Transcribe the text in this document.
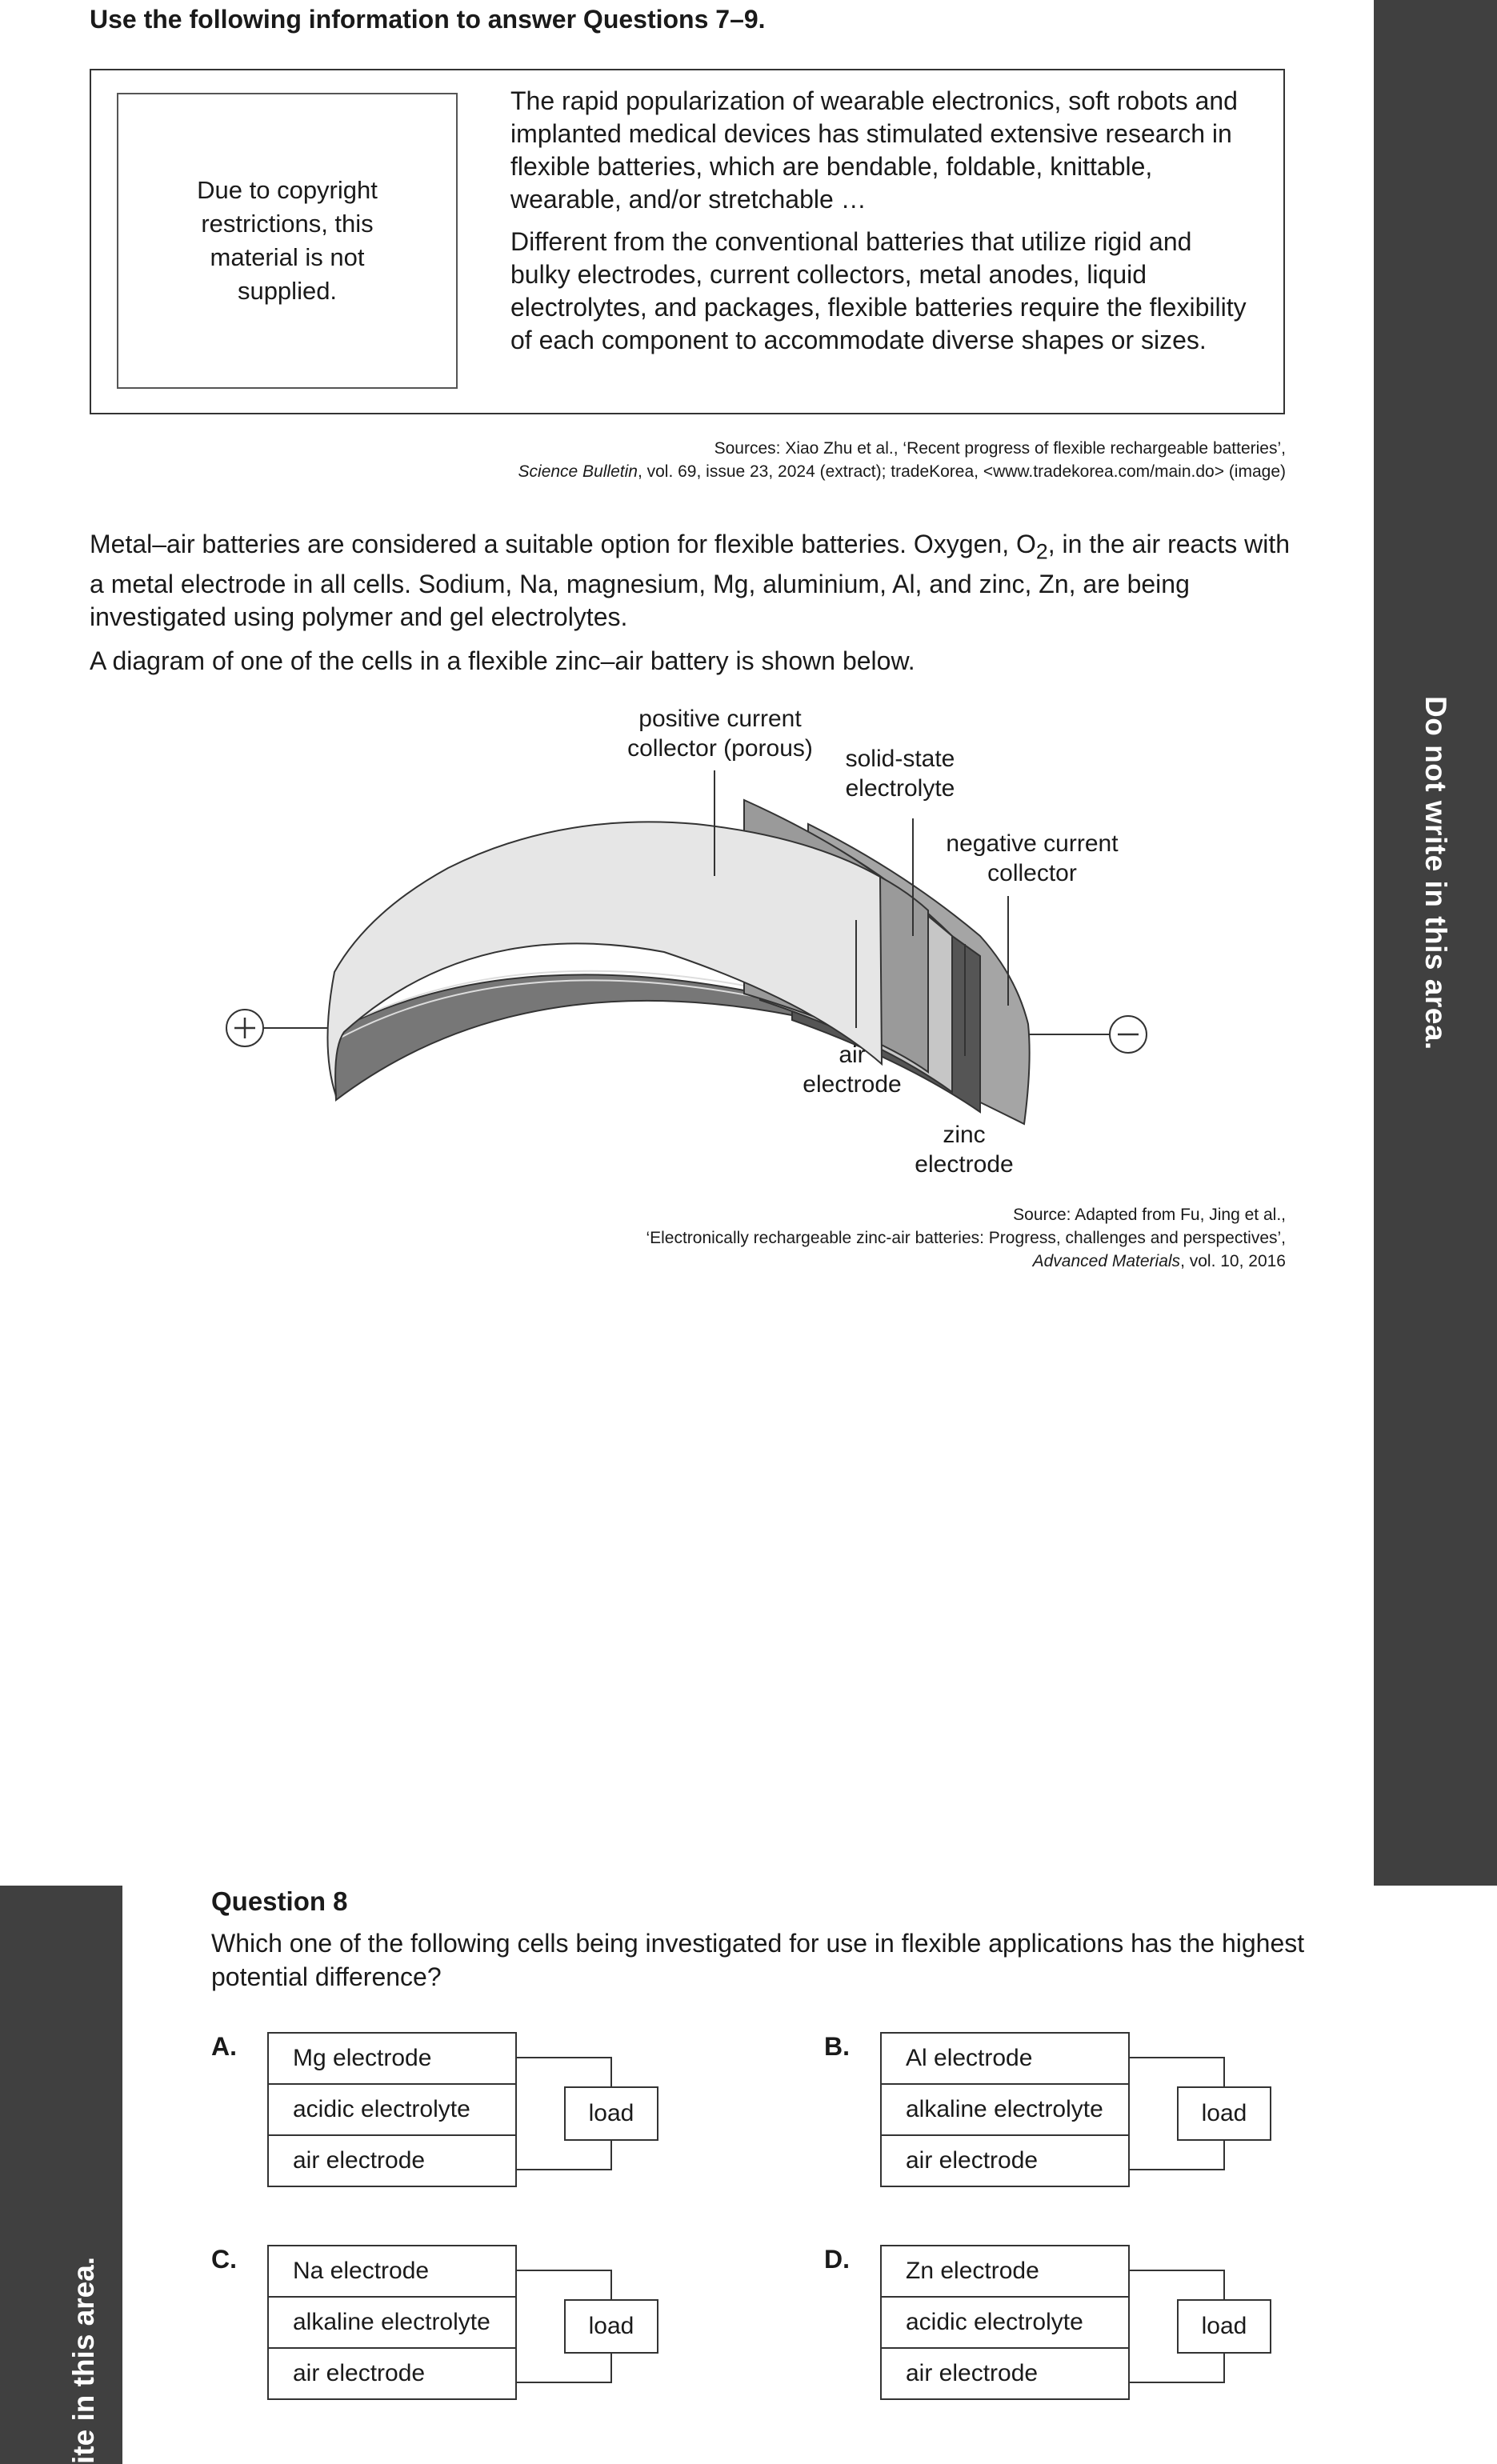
Use the following information to answer Questions 7–9.
Due to copyright restrictions, this material is not supplied.

The rapid popularization of wearable electronics, soft robots and implanted medical devices has stimulated extensive research in flexible batteries, which are bendable, foldable, knittable, wearable, and/or stretchable …

Different from the conventional batteries that utilize rigid and bulky electrodes, current collectors, metal anodes, liquid electrolytes, and packages, flexible batteries require the flexibility of each component to accommodate diverse shapes or sizes.

Sources: Xiao Zhu et al., ‘Recent progress of flexible rechargeable batteries’,
Science Bulletin, vol. 69, issue 23, 2024 (extract); tradeKorea, <www.tradekorea.com/main.do> (image)

Metal–air batteries are considered a suitable option for flexible batteries. Oxygen, $O_2$, in the air reacts with a metal electrode in all cells. Sodium, Na, magnesium, Mg, aluminium, Al, and zinc, Zn, are being investigated using polymer and gel electrolytes.

A diagram of one of the cells in a flexible zinc–air battery is shown below.

positive current collector (porous)	solid-state electrolyte
negative current collector
air electrode
zinc electrode
Source: Adapted from Fu, Jing et al.,
‘Electronically rechargeable zinc-air batteries: Progress, challenges and perspectives’,
Advanced Materials, vol. 10, 2016
Do not write in this area.
ite in this area.
Question 8
Which one of the following cells being investigated for use in flexible applications has the highest potential difference?
A.	Mg electrode
acidic electrolyte
air electrode
load
B.	Al electrode
alkaline electrolyte
air electrode
load
C.	Na electrode
alkaline electrolyte
air electrode
load
D.	Zn electrode
acidic electrolyte
air electrode
load
